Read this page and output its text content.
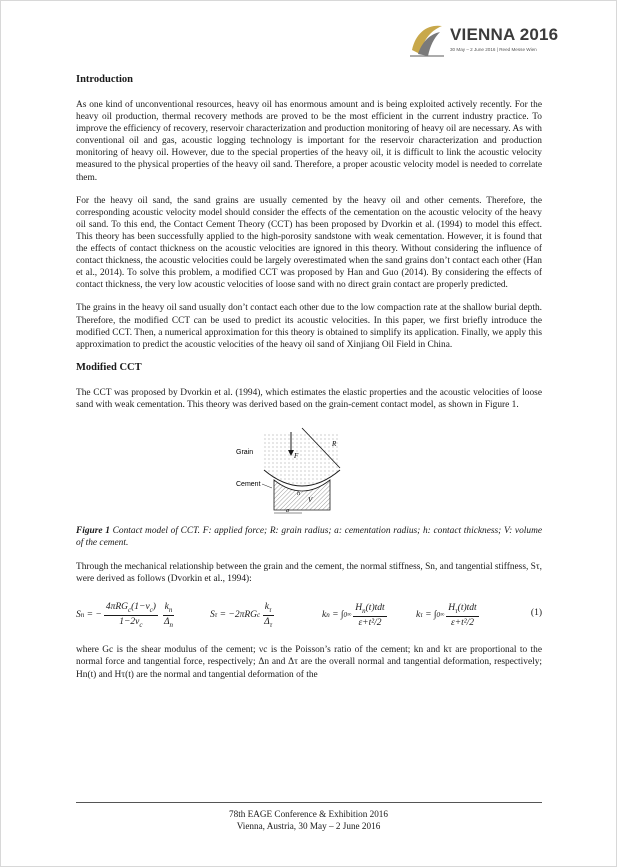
VIENNA 2016
30 May – 2 June 2016 | Reed Messe Wien
Introduction

As one kind of unconventional resources, heavy oil has enormous amount and is being exploited actively recently. For the heavy oil production, thermal recovery methods are proved to be the most efficient in the current industry practice. To improve the efficiency of recovery, reservoir characterization and production monitoring of heavy oil are necessary. As with conventional oil and gas, acoustic logging technology is important for the reservoir characterization and production monitoring of heavy oil. However, due to the special properties of the heavy oil, it is difficult to link the acoustic velocity measured to the physical properties of the heavy oil sand. Therefore, a proper acoustic velocity model is needed to correlate them.

For the heavy oil sand, the sand grains are usually cemented by the heavy oil and other cements. Therefore, the corresponding acoustic velocity model should consider the effects of the cementation on the acoustic velocity of the heavy oil sand. To this end, the Contact Cement Theory (CCT) has been proposed by Dvorkin et al. (1994) to model this effect. This theory has been successfully applied to the high-porosity sandstone with weak cementation. However, it is found that the effects of contact thickness on the acoustic velocities are ignored in this theory. Without considering the influence of contact thickness, the acoustic velocities could be largely overestimated when the sand grains don’t contact each other (Han et al., 2014). To solve this problem, a modified CCT was proposed by Han and Guo (2014). By considering the effects of contact thickness, the very low acoustic velocities of loose sand with no direct grain contact are properly predicted.

The grains in the heavy oil sand usually don’t contact each other due to the low compaction rate at the shallow burial depth. Therefore, the modified CCT can be used to predict its acoustic velocities. In this paper, we first briefly introduce the modified CCT. Then, a numerical approximation for this theory is obtained to simplify its application. Finally, we apply this approximation to predict the acoustic velocities of the heavy oil sand of Xinjiang Oil Field in China.

Modified CCT

The CCT was proposed by Dvorkin et al. (1994), which estimates the elastic properties and the acoustic velocities of loose sand with weak cementation. This theory was derived based on the grain-cement contact model, as shown in Figure 1.

Grain
Cement
F
R
V
a
h

Figure 1 Contact model of CCT. F: applied force; R: grain radius; a: cementation radius; h: contact thickness; V: volume of the cement.

Through the mechanical relationship between the grain and the cement, the normal stiffness, Sn, and tangential stiffness, Sτ, were derived as follows (Dvorkin et al., 1994):

S n = − $\frac{4\pi RG_c(1-\nu_c)}{1-2\nu_c} \frac{k_n}{\Delta_n}$	S τ = −2πRG c $\frac{k_\tau}{\Delta_\tau}$	k n = ∫ 0 ∞ $\frac{H_n(t)tdt}{\text{ε+t²/2}}$	k τ = ∫ 0 ∞ $\frac{H_\tau(t)tdt}{\text{ε+t²/2}}$	(1)

where Gc is the shear modulus of the cement; νc is the Poisson’s ratio of the cement; kn and kτ are proportional to the normal force and tangential force, respectively; Δn and Δτ are the overall normal and tangential deformation, respectively; Hn(t) and Hτ(t) are the normal and tangential deformation of the

78th EAGE Conference & Exhibition 2016
Vienna, Austria, 30 May – 2 June 2016
